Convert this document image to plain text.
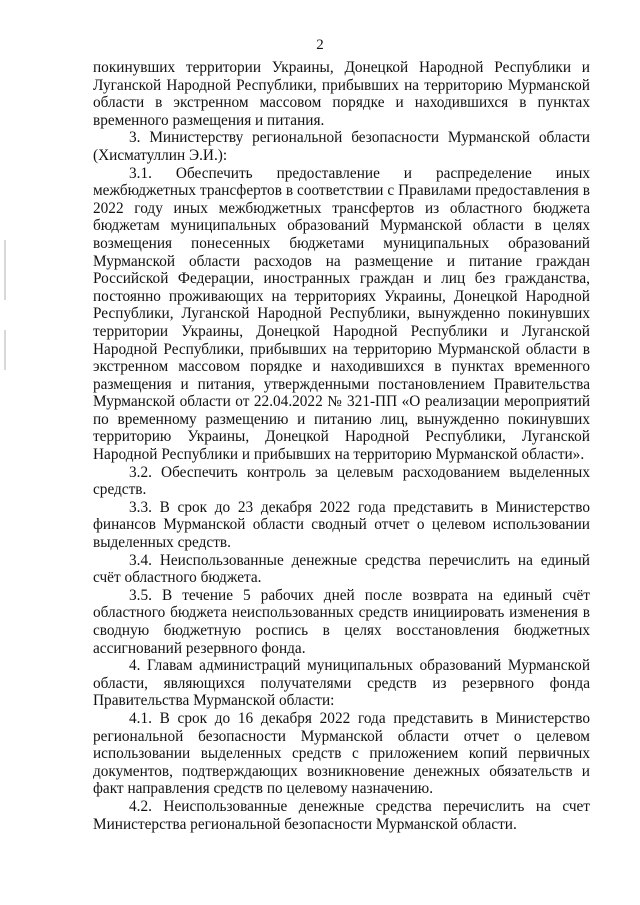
2

покинувших территории Украины, Донецкой Народной Республики и Луганской Народной Республики, прибывших на территорию Мурманской области в экстренном массовом порядке и находившихся в пунктах временного размещения и питания.

3. Министерству региональной безопасности Мурманской области (Хисматуллин Э.И.):

3.1. Обеспечить предоставление и распределение иных межбюджетных трансфертов в соответствии с Правилами предоставления в 2022 году иных межбюджетных трансфертов из областного бюджета бюджетам муниципальных образований Мурманской области в целях возмещения понесенных бюджетами муниципальных образований Мурманской области расходов на размещение и питание граждан Российской Федерации, иностранных граждан и лиц без гражданства, постоянно проживающих на территориях Украины, Донецкой Народной Республики, Луганской Народной Республики, вынужденно покинувших территории Украины, Донецкой Народной Республики и Луганской Народной Республики, прибывших на территорию Мурманской области в экстренном массовом порядке и находившихся в пунктах временного размещения и питания, утвержденными постановлением Правительства Мурманской области от 22.04.2022 № 321-ПП «О реализации мероприятий по временному размещению и питанию лиц, вынужденно покинувших территорию Украины, Донецкой Народной Республики, Луганской Народной Республики и прибывших на территорию Мурманской области».

3.2. Обеспечить контроль за целевым расходованием выделенных средств.

3.3. В срок до 23 декабря 2022 года представить в Министерство финансов Мурманской области сводный отчет о целевом использовании выделенных средств.

3.4. Неиспользованные денежные средства перечислить на единый счёт областного бюджета.

3.5. В течение 5 рабочих дней после возврата на единый счёт областного бюджета неиспользованных средств инициировать изменения в сводную бюджетную роспись в целях восстановления бюджетных ассигнований резервного фонда.

4. Главам администраций муниципальных образований Мурманской области, являющихся получателями средств из резервного фонда Правительства Мурманской области:

4.1. В срок до 16 декабря 2022 года представить в Министерство региональной безопасности Мурманской области отчет о целевом использовании выделенных средств с приложением копий первичных документов, подтверждающих возникновение денежных обязательств и факт направления средств по целевому назначению.

4.2. Неиспользованные денежные средства перечислить на счет Министерства региональной безопасности Мурманской области.
